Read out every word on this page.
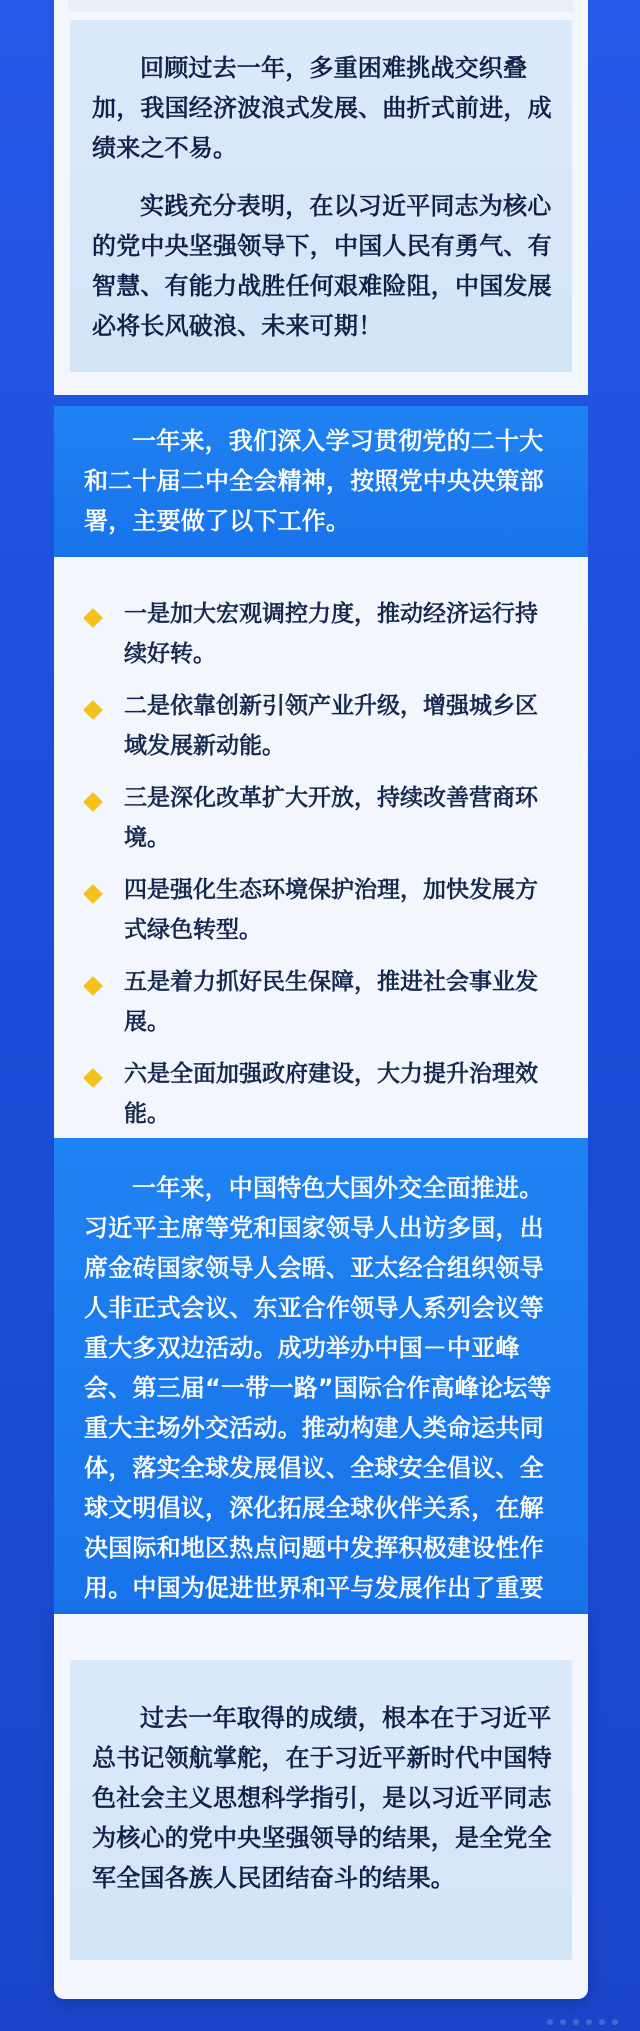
回顾过去一年，多重困难挑战交织叠加，我国经济波浪式发展、曲折式前进，成绩来之不易。

实践充分表明，在以习近平同志为核心的党中央坚强领导下，中国人民有勇气、有智慧、有能力战胜任何艰难险阻，中国发展必将长风破浪、未来可期！

一年来，我们深入学习贯彻党的二十大和二十届二中全会精神，按照党中央决策部署，主要做了以下工作。

一是加大宏观调控力度，推动经济运行持续好转。
二是依靠创新引领产业升级，增强城乡区域发展新动能。
三是深化改革扩大开放，持续改善营商环境。
四是强化生态环境保护治理，加快发展方式绿色转型。
五是着力抓好民生保障，推进社会事业发展。
六是全面加强政府建设，大力提升治理效能。

一年来，中国特色大国外交全面推进。习近平主席等党和国家领导人出访多国，出席金砖国家领导人会晤、亚太经合组织领导人非正式会议、东亚合作领导人系列会议等重大多双边活动。成功举办中国－中亚峰会、第三届“一带一路”国际合作高峰论坛等重大主场外交活动。推动构建人类命运共同体，落实全球发展倡议、全球安全倡议、全球文明倡议，深化拓展全球伙伴关系，在解决国际和地区热点问题中发挥积极建设性作用。中国为促进世界和平与发展作出了重要

过去一年取得的成绩，根本在于习近平总书记领航掌舵，在于习近平新时代中国特色社会主义思想科学指引，是以习近平同志为核心的党中央坚强领导的结果，是全党全军全国各族人民团结奋斗的结果。
